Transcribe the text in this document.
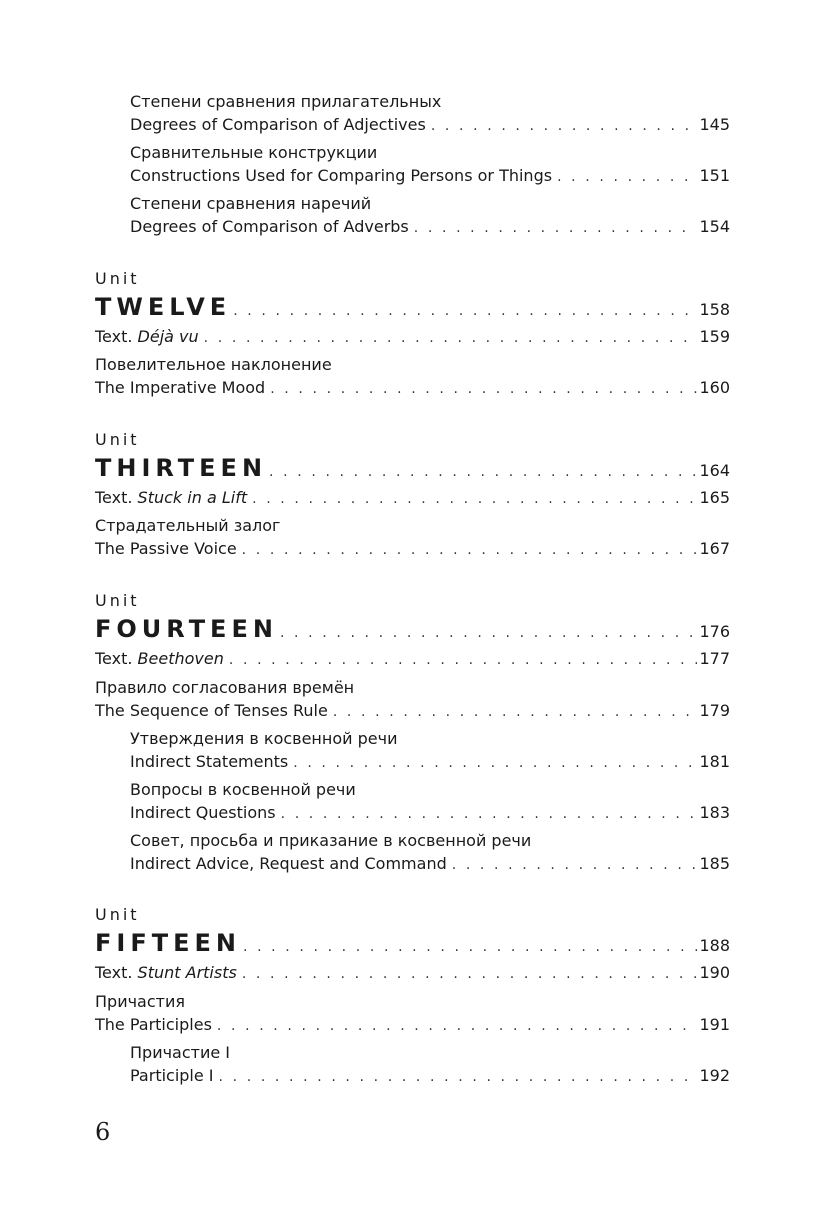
Степени сравнения прилагательных
Degrees of Comparison of Adjectives . . .	145
Сравнительные конструкции
Constructions Used for Comparing Persons or Things . . .	151
Степени сравнения наречий
Degrees of Comparison of Adverbs . . .	154
Unit
TWELVE . . .	158
Text. Déjà vu . . .	159
Повелительное наклонение
The Imperative Mood . . .	160
Unit
THIRTEEN . . .	164
Text. Stuck in a Lift . . .	165
Страдательный залог
The Passive Voice . . .	167
Unit
FOURTEEN . . .	176
Text. Beethoven . . .	177
Правило согласования времён
The Sequence of Tenses Rule . . .	179
Утверждения в косвенной речи
Indirect Statements . . .	181
Вопросы в косвенной речи
Indirect Questions . . .	183
Совет, просьба и приказание в косвенной речи
Indirect Advice, Request and Command . . .	185
Unit
FIFTEEN . . .	188
Text. Stunt Artists . . .	190
Причастия
The Participles . . .	191
Причастие I
Participle I . . .	192
6
